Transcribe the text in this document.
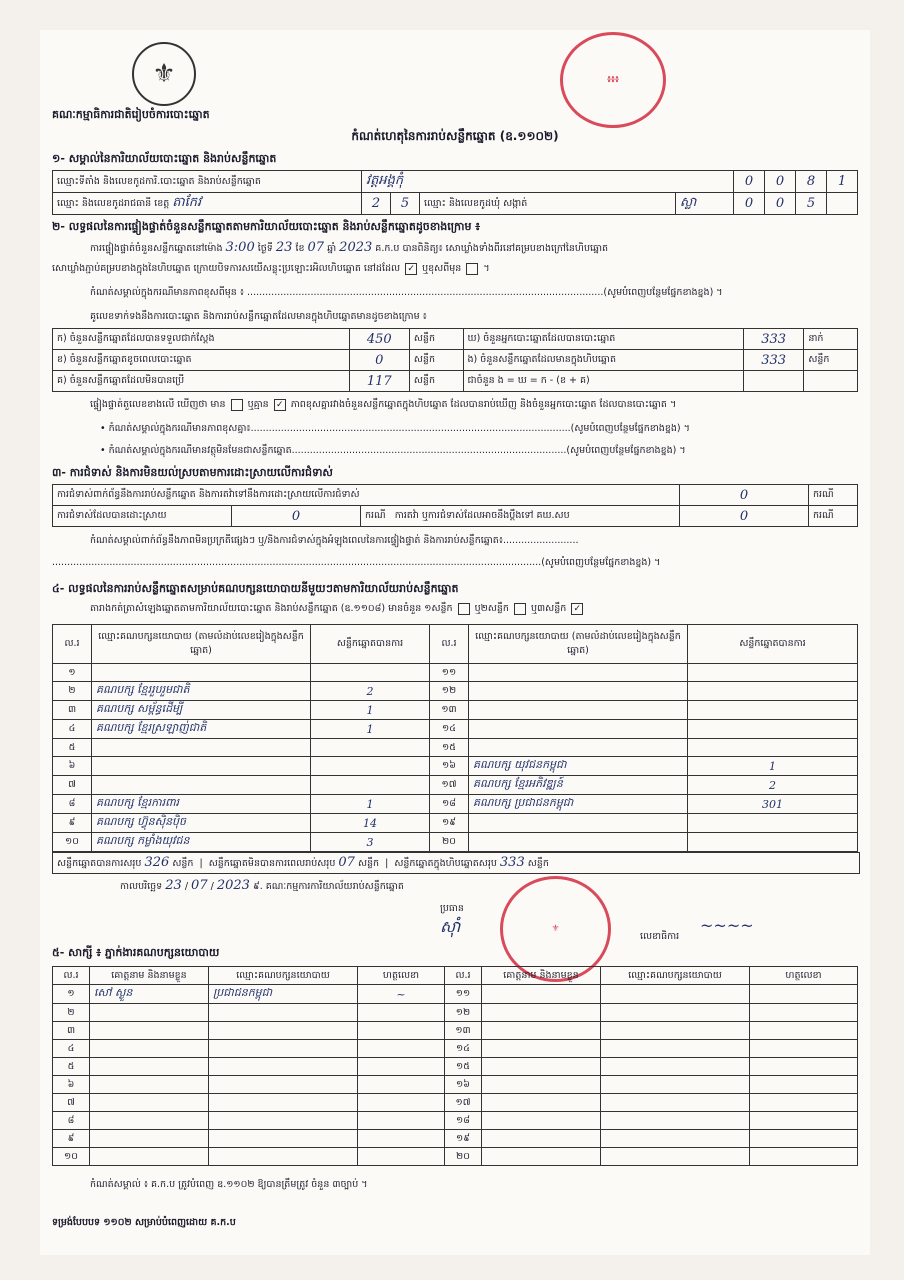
⚜	៖៖៖
គណៈកម្មាធិការជាតិរៀបចំការបោះឆ្នោត
កំណត់ហេតុនៃការរាប់សន្លឹកឆ្នោត (ឧ.១១០២)
១- សម្គាល់នៃការិយាល័យបោះឆ្នោត និងរាប់សន្លឹកឆ្នោត
ឈ្មោះទីតាំង និងលេខកូដការិ.បោះឆ្នោត និងរាប់សន្លឹកឆ្នោត	វត្តអង្គកុំ				0	0	8	1
ឈ្មោះ និងលេខកូដរាជធានី ខេត្ត តាកែវ	2	5	ឈ្មោះ និងលេខកូដឃុំ សង្កាត់	ស្លា	0	0	5	
២- លទ្ធផលនៃការផ្ទៀងផ្ទាត់ចំនួនសន្លឹកឆ្នោតតាមការិយាល័យបោះឆ្នោត និងរាប់សន្លឹកឆ្នោតដូចខាងក្រោម ៖
ការផ្ទៀងផ្ទាត់ចំនួនសន្លឹកឆ្នោតនៅម៉ោង 3:00 ថ្ងៃទី 23 ខែ 07 ឆ្នាំ 2023 គ.ក.ប បានពិនិត្យ៖ សោឃ្លាំងទាំងពីរនៅគម្របខាងក្រៅនៃហិបឆ្នោត
សោឃ្លាំងភ្ជាប់គម្របខាងក្នុងនៃហិបឆ្នោត ក្រោយបិទការសយើសន្លុះប្រឡោះរអិលហិបឆ្នោត នៅដដែល ✓ ឬខុសពីមុន  ។
កំណត់សម្គាល់ក្នុងករណីមានភាពខុសពីមុន ៖ ......................................................................................................................(សូមបំពេញបន្ថែមផ្នែកខាងខ្នង) ។
គូលេខទាក់ទងនឹងការបោះឆ្នោត និងការរាប់សន្លឹកឆ្នោតដែលមានក្នុងហិបឆ្នោតមានដូចខាងក្រោម ៖
ក) ចំនួនសន្លឹកឆ្នោតដែលបានទទួលជាក់ស្តែង	450	សន្លឹក	ឃ) ចំនួនអ្នកបោះឆ្នោតដែលបានបោះឆ្នោត	333	នាក់
ខ) ចំនួនសន្លឹកឆ្នោតខូចពេលបោះឆ្នោត	0	សន្លឹក	ង) ចំនួនសន្លឹកឆ្នោតដែលមានក្នុងហិបឆ្នោត	333	សន្លឹក
គ) ចំនួនសន្លឹកឆ្នោតដែលមិនបានប្រើ	117	សន្លឹក	ជាចំនួន ង = ឃ = ក - (ខ + គ)		
ផ្ទៀងផ្ទាត់តួលេខខាងលើ ឃើញថា មាន ឬគ្មាន ✓ ភាពខុសគ្នារវាងចំនួនសន្លឹកឆ្នោតក្នុងហិបឆ្នោត ដែលបានរាប់ឃើញ និងចំនួនអ្នកបោះឆ្នោត ដែលបានបោះឆ្នោត ។
• កំណត់សម្គាល់ក្នុងករណីមានភាពខុសគ្នា៖..........................................................................................................(សូមបំពេញបន្ថែមផ្នែកខាងខ្នង) ។
• កំណត់សម្គាល់ក្នុងករណីមានវត្ថុមិនមែនជាសន្លឹកឆ្នោត...........................................................................................(សូមបំពេញបន្ថែមផ្នែកខាងខ្នង) ។
៣- ការជំទាស់ និងការមិនយល់ស្របតាមការដោះស្រាយលើការជំទាស់
ការជំទាស់ពាក់ព័ន្ធនឹងការរាប់សន្លឹកឆ្នោត និងការតវ៉ាទៅនឹងការដោះស្រាយលើការជំទាស់			0	ករណី
ការជំទាស់ដែលបានដោះស្រាយ	0	ករណី ការតវ៉ា ឬការជំទាស់ដែលអាចនឹងប្តឹងទៅ គឃ.សប	0	ករណី
កំណត់សម្គាល់ពាក់ព័ន្ធនឹងភាពមិនប្រក្រតីផ្សេងៗ ឬ/និងការជំទាស់ក្នុងអំឡុងពេលនៃការផ្ទៀងផ្ទាត់ និងការរាប់សន្លឹកឆ្នោត៖.........................
..................................................................................................................................................................(សូមបំពេញបន្ថែមផ្នែកខាងខ្នង) ។
៤- លទ្ធផលនៃការរាប់សន្លឹកឆ្នោតសម្រាប់គណបក្សនយោបាយនីមួយៗតាមការិយាល័យរាប់សន្លឹកឆ្នោត
តារាងកត់ត្រាសំឡេងឆ្នោតតាមការិយាល័យបោះឆ្នោត និងរាប់សន្លឹកឆ្នោត (ឧ.១១០៨) មានចំនួន ១សន្លឹក ឬ២សន្លឹក ឬ៣សន្លឹក ✓
ល.រ	ឈ្មោះគណបក្សនយោបាយ (តាមលំដាប់លេខរៀងក្នុងសន្លឹកឆ្នោត)	សន្លឹកឆ្នោតបានការ	ល.រ	ឈ្មោះគណបក្សនយោបាយ (តាមលំដាប់លេខរៀងក្នុងសន្លឹកឆ្នោត)	សន្លឹកឆ្នោតបានការ
១			១១		
២	គណបក្ស ខ្មែររួបរួមជាតិ	2	១២		
៣	គណបក្ស សម្ព័ន្ធដើម្បី	1	១៣		
៤	គណបក្ស ខ្មែរស្រឡាញ់ជាតិ	1	១៤		
៥			១៥		
៦			១៦	គណបក្ស យុវជនកម្ពុជា	1
៧			១៧	គណបក្ស ខ្មែរអភិវឌ្ឍន៍	2
៨	គណបក្ស ខ្មែរការពារ	1	១៨	គណបក្ស ប្រជាជនកម្ពុជា	301
៩	គណបក្ស ហ៊្វុនស៊ិនប៉ិច	14	១៩		
១០	គណបក្ស កម្លាំងយុវជន	3	២០		
សន្លឹកឆ្នោតបានការសរុប 326 សន្លឹក  |  សន្លឹកឆ្នោតមិនបានការពេលរាប់សរុប 07 សន្លឹក  |  សន្លឹកឆ្នោតក្នុងហិបឆ្នោតសរុប 333 សន្លឹក
កាលបរិច្ឆេទ 23 / 07 / 2023 ៩. គណៈកម្មការការិយាល័យរាប់សន្លឹកឆ្នោត
ប្រធាន
ស៊ាំ	⚜
លេខាធិការ
~~~~
៥- សាក្សី ៖ ភ្នាក់ងារគណបក្សនយោបាយ
ល.រ	គោត្តនាម និងនាមខ្លួន	ឈ្មោះគណបក្សនយោបាយ	ហត្ថលេខា	ល.រ	គោត្តនាម និងនាមខ្លួន	ឈ្មោះគណបក្សនយោបាយ	ហត្ថលេខា
១	សៅ ស្ងួន	ប្រជាជនកម្ពុជា	~	១១			
២				១២			
៣				១៣			
៤				១៤			
៥				១៥			
៦				១៦			
៧				១៧			
៨				១៨			
៩				១៩			
១០				២០			
កំណត់សម្គាល់ ៖ គ.ក.ប ត្រូវបំពេញ ឧ.១១០២ ឱ្យបានត្រឹមត្រូវ ចំនួន ៣ច្បាប់ ។
ទម្រង់បែបបទ ១១០២ សម្រាប់បំពេញដោយ គ.ក.ប
